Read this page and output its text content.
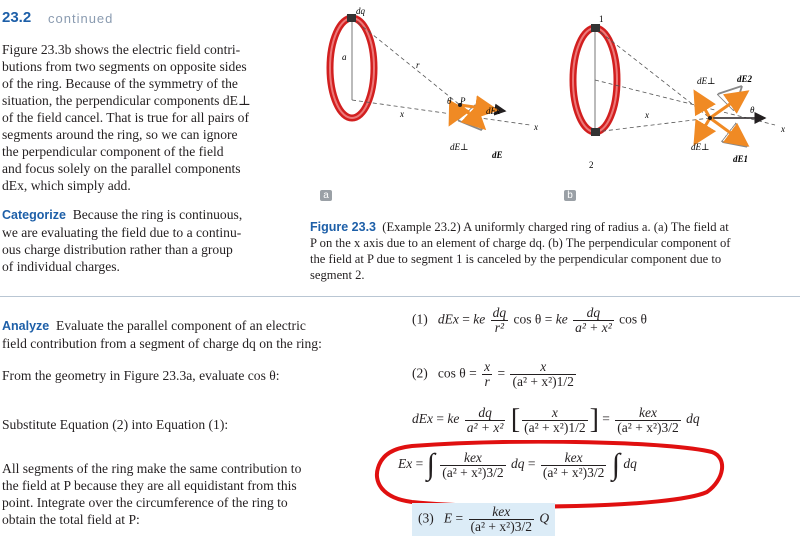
23.2 continued
Figure 23.3b shows the electric field contri-
butions from two segments on opposite sides
of the ring. Because of the symmetry of the
situation, the perpendicular components dE⊥
of the field cancel. That is true for all pairs of
segments around the ring, so we can ignore
the perpendicular component of the field
and focus solely on the parallel components
dEx, which simply add.
Categorize Because the ring is continuous,
we are evaluating the field due to a continu-
ous charge distribution rather than a group
of individual charges.
dq
a
r
x
θ P
dEx
dE⊥
dE
x
a
1
2
x
dE⊥ dE2
θ
dE⊥
dE1
x
b
Figure 23.3 (Example 23.2) A uniformly charged ring of radius a. (a) The field at
P on the x axis due to an element of charge dq. (b) The perpendicular component of
the field at P due to segment 1 is canceled by the perpendicular component due to
segment 2.
Analyze Evaluate the parallel component of an electric
field contribution from a segment of charge dq on the ring:
(1) dEx = ke $\frac{dq}{\text{r²}}$ cos θ = ke $\frac{dq}{\text{a² + x²}}$ cos θ
From the geometry in Figure 23.3a, evaluate cos θ:	(2) $\cos \theta = \frac{x}{r} = \frac{x}{\text{(a² + x²)1/2}}$
Substitute Equation (2) into Equation (1):	dEx = ke $\frac{dq}{\text{a² + x²}}$ [ $\frac{x}{\text{(a² + x²)1/2}}$ ] = $\frac{\text{kex}}{\text{(a² + x²)3/2}}$ dq
All segments of the ring make the same contribution to
the field at P because they are all equidistant from this
point. Integrate over the circumference of the ring to
obtain the total field at P:
Ex = ∫ $\frac{\text{kex}}{\text{(a² + x²)3/2}}$ dq = $\frac{\text{kex}}{\text{(a² + x²)3/2}}$ ∫ dq
(3) $E = \frac{\text{kex}}{\text{(a² + x²)3/2}}$ Q
